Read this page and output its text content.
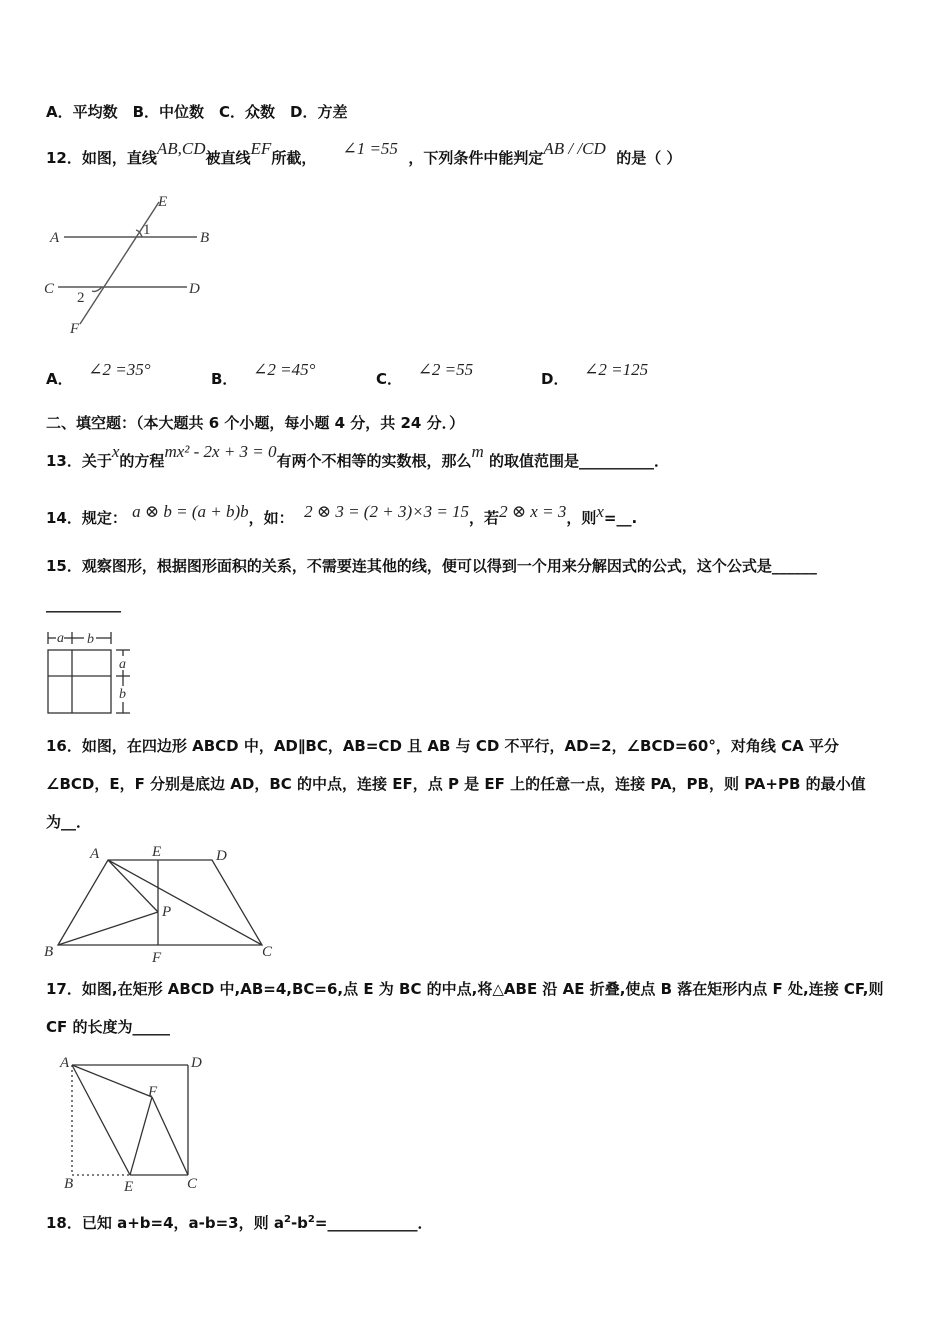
A．平均数　B．中位数　C．众数　D．方差
12．如图，直线AB,CD被直线EF所截， ∠1 =55 ，下列条件中能判定AB / /CD 的是（ ）
A	B
C	D
E
F
1
2
A． ∠2 =35°	B． ∠2 =45°	C． ∠2 =55	D． ∠2 =125
二、填空题：（本大题共 6 个小题，每小题 4 分，共 24 分．）
13．关于x的方程mx² - 2x + 3 = 0有两个不相等的实数根，那么m 的取值范围是__________．
14．规定： a ⊗ b = (a + b)b，如： 2 ⊗ 3 = (2 + 3)×3 = 15，若2 ⊗ x = 3，则x=__.
15．观察图形，根据图形面积的关系，不需要连其他的线，便可以得到一个用来分解因式的公式，这个公式是______
__________
a b
a
b
16．如图，在四边形 ABCD 中，AD∥BC，AB=CD 且 AB 与 CD 不平行，AD=2，∠BCD=60°，对角线 CA 平分
∠BCD，E，F 分别是底边 AD，BC 的中点，连接 EF，点 P 是 EF 上的任意一点，连接 PA，PB，则 PA+PB 的最小值
为__．
A	E	D
P
B	F	C
17．如图,在矩形 ABCD 中,AB=4,BC=6,点 E 为 BC 的中点,将△ABE 沿 AE 折叠,使点 B 落在矩形内点 F 处,连接 CF,则
CF 的长度为_____
A	D
F
B	E	C
18．已知 a+b=4，a-b=3，则 $a^2-b^2=\_\_\_\_\_\_\_\_\_\_\_\_$．
